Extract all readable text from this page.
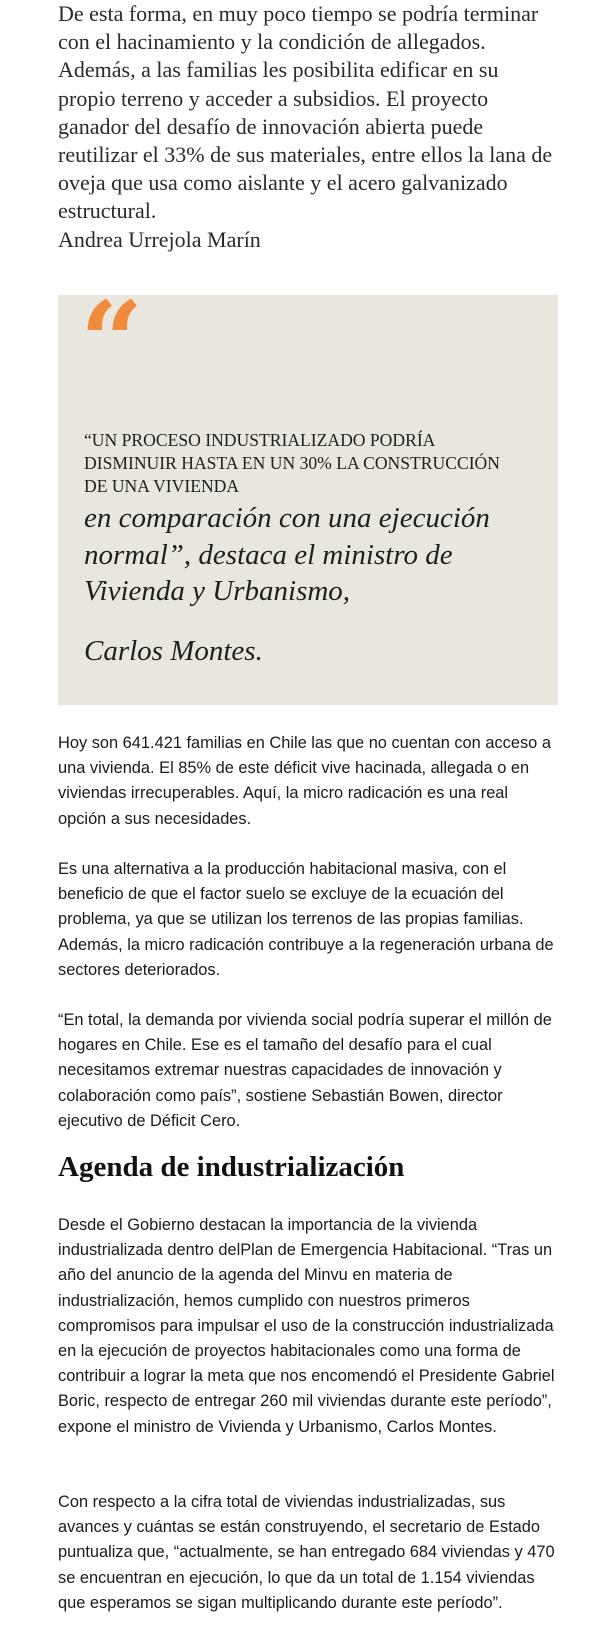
De esta forma, en muy poco tiempo se podría terminar con el hacinamiento y la condición de allegados. Además, a las familias les posibilita edificar en su propio terreno y acceder a subsidios. El proyecto ganador del desafío de innovación abierta puede reutilizar el 33% de sus materiales, entre ellos la lana de oveja que usa como aislante y el acero galvanizado estructural.

Andrea Urrejola Marín

“

“UN PROCESO INDUSTRIALIZADO PODRÍA DISMINUIR HASTA EN UN 30% LA CONSTRUCCIÓN DE UNA VIVIENDA

en comparación con una ejecución normal”, destaca el ministro de Vivienda y Urbanismo,

Carlos Montes.

Hoy son 641.421 familias en Chile las que no cuentan con acceso a una vivienda. El 85% de este déficit vive hacinada, allegada o en viviendas irrecuperables. Aquí, la micro radicación es una real opción a sus necesidades.

Es una alternativa a la producción habitacional masiva, con el beneficio de que el factor suelo se excluye de la ecuación del problema, ya que se utilizan los terrenos de las propias familias. Además, la micro radicación contribuye a la regeneración urbana de sectores deteriorados.

“En total, la demanda por vivienda social podría superar el millón de hogares en Chile. Ese es el tamaño del desafío para el cual necesitamos extremar nuestras capacidades de innovación y colaboración como país”, sostiene Sebastián Bowen, director ejecutivo de Déficit Cero.

Agenda de industrialización

Desde el Gobierno destacan la importancia de la vivienda industrializada dentro delPlan de Emergencia Habitacional. “Tras un año del anuncio de la agenda del Minvu en materia de industrialización, hemos cumplido con nuestros primeros compromisos para impulsar el uso de la construcción industrializada en la ejecución de proyectos habitacionales como una forma de contribuir a lograr la meta que nos encomendó el Presidente Gabriel Boric, respecto de entregar 260 mil viviendas durante este período”, expone el ministro de Vivienda y Urbanismo, Carlos Montes.

Con respecto a la cifra total de viviendas industrializadas, sus avances y cuántas se están construyendo, el secretario de Estado puntualiza que, “actualmente, se han entregado 684 viviendas y 470 se encuentran en ejecución, lo que da un total de 1.154 viviendas que esperamos se sigan multiplicando durante este período”.
